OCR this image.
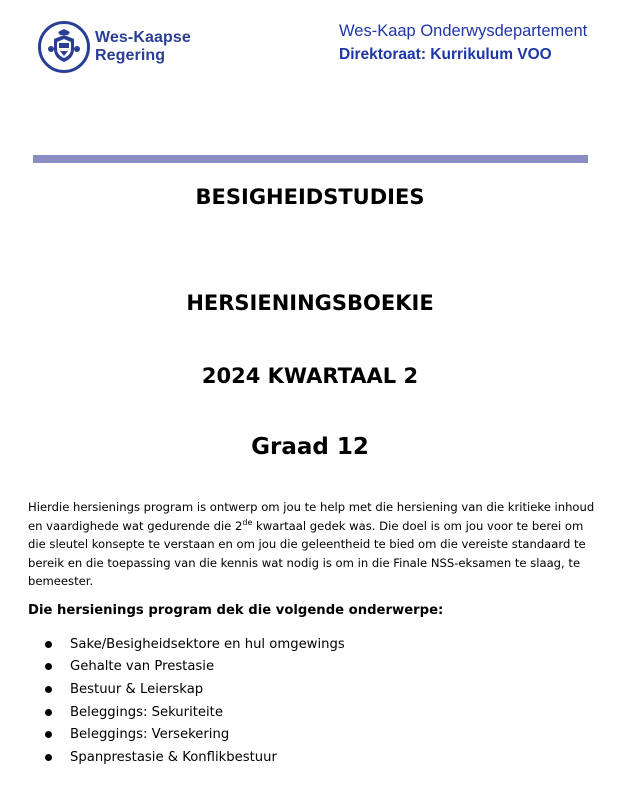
Wes-Kaapse
Regering
Wes-Kaap Onderwysdepartement
Direktoraat: Kurrikulum VOO
BESIGHEIDSTUDIES
HERSIENINGSBOEKIE
2024 KWARTAAL 2
Graad 12
Hierdie hersienings program is ontwerp om jou te help met die hersiening van die kritieke inhoud en vaardighede wat gedurende die 2de kwartaal gedek was. Die doel is om jou voor te berei om die sleutel konsepte te verstaan en om jou die geleentheid te bied om die vereiste standaard te bereik en die toepassing van die kennis wat nodig is om in die Finale NSS-eksamen te slaag, te bemeester.
Die hersienings program dek die volgende onderwerpe:
Sake/Besigheidsektore en hul omgewings
Gehalte van Prestasie
Bestuur & Leierskap
Beleggings: Sekuriteite
Beleggings: Versekering
Spanprestasie & Konflikbestuur
